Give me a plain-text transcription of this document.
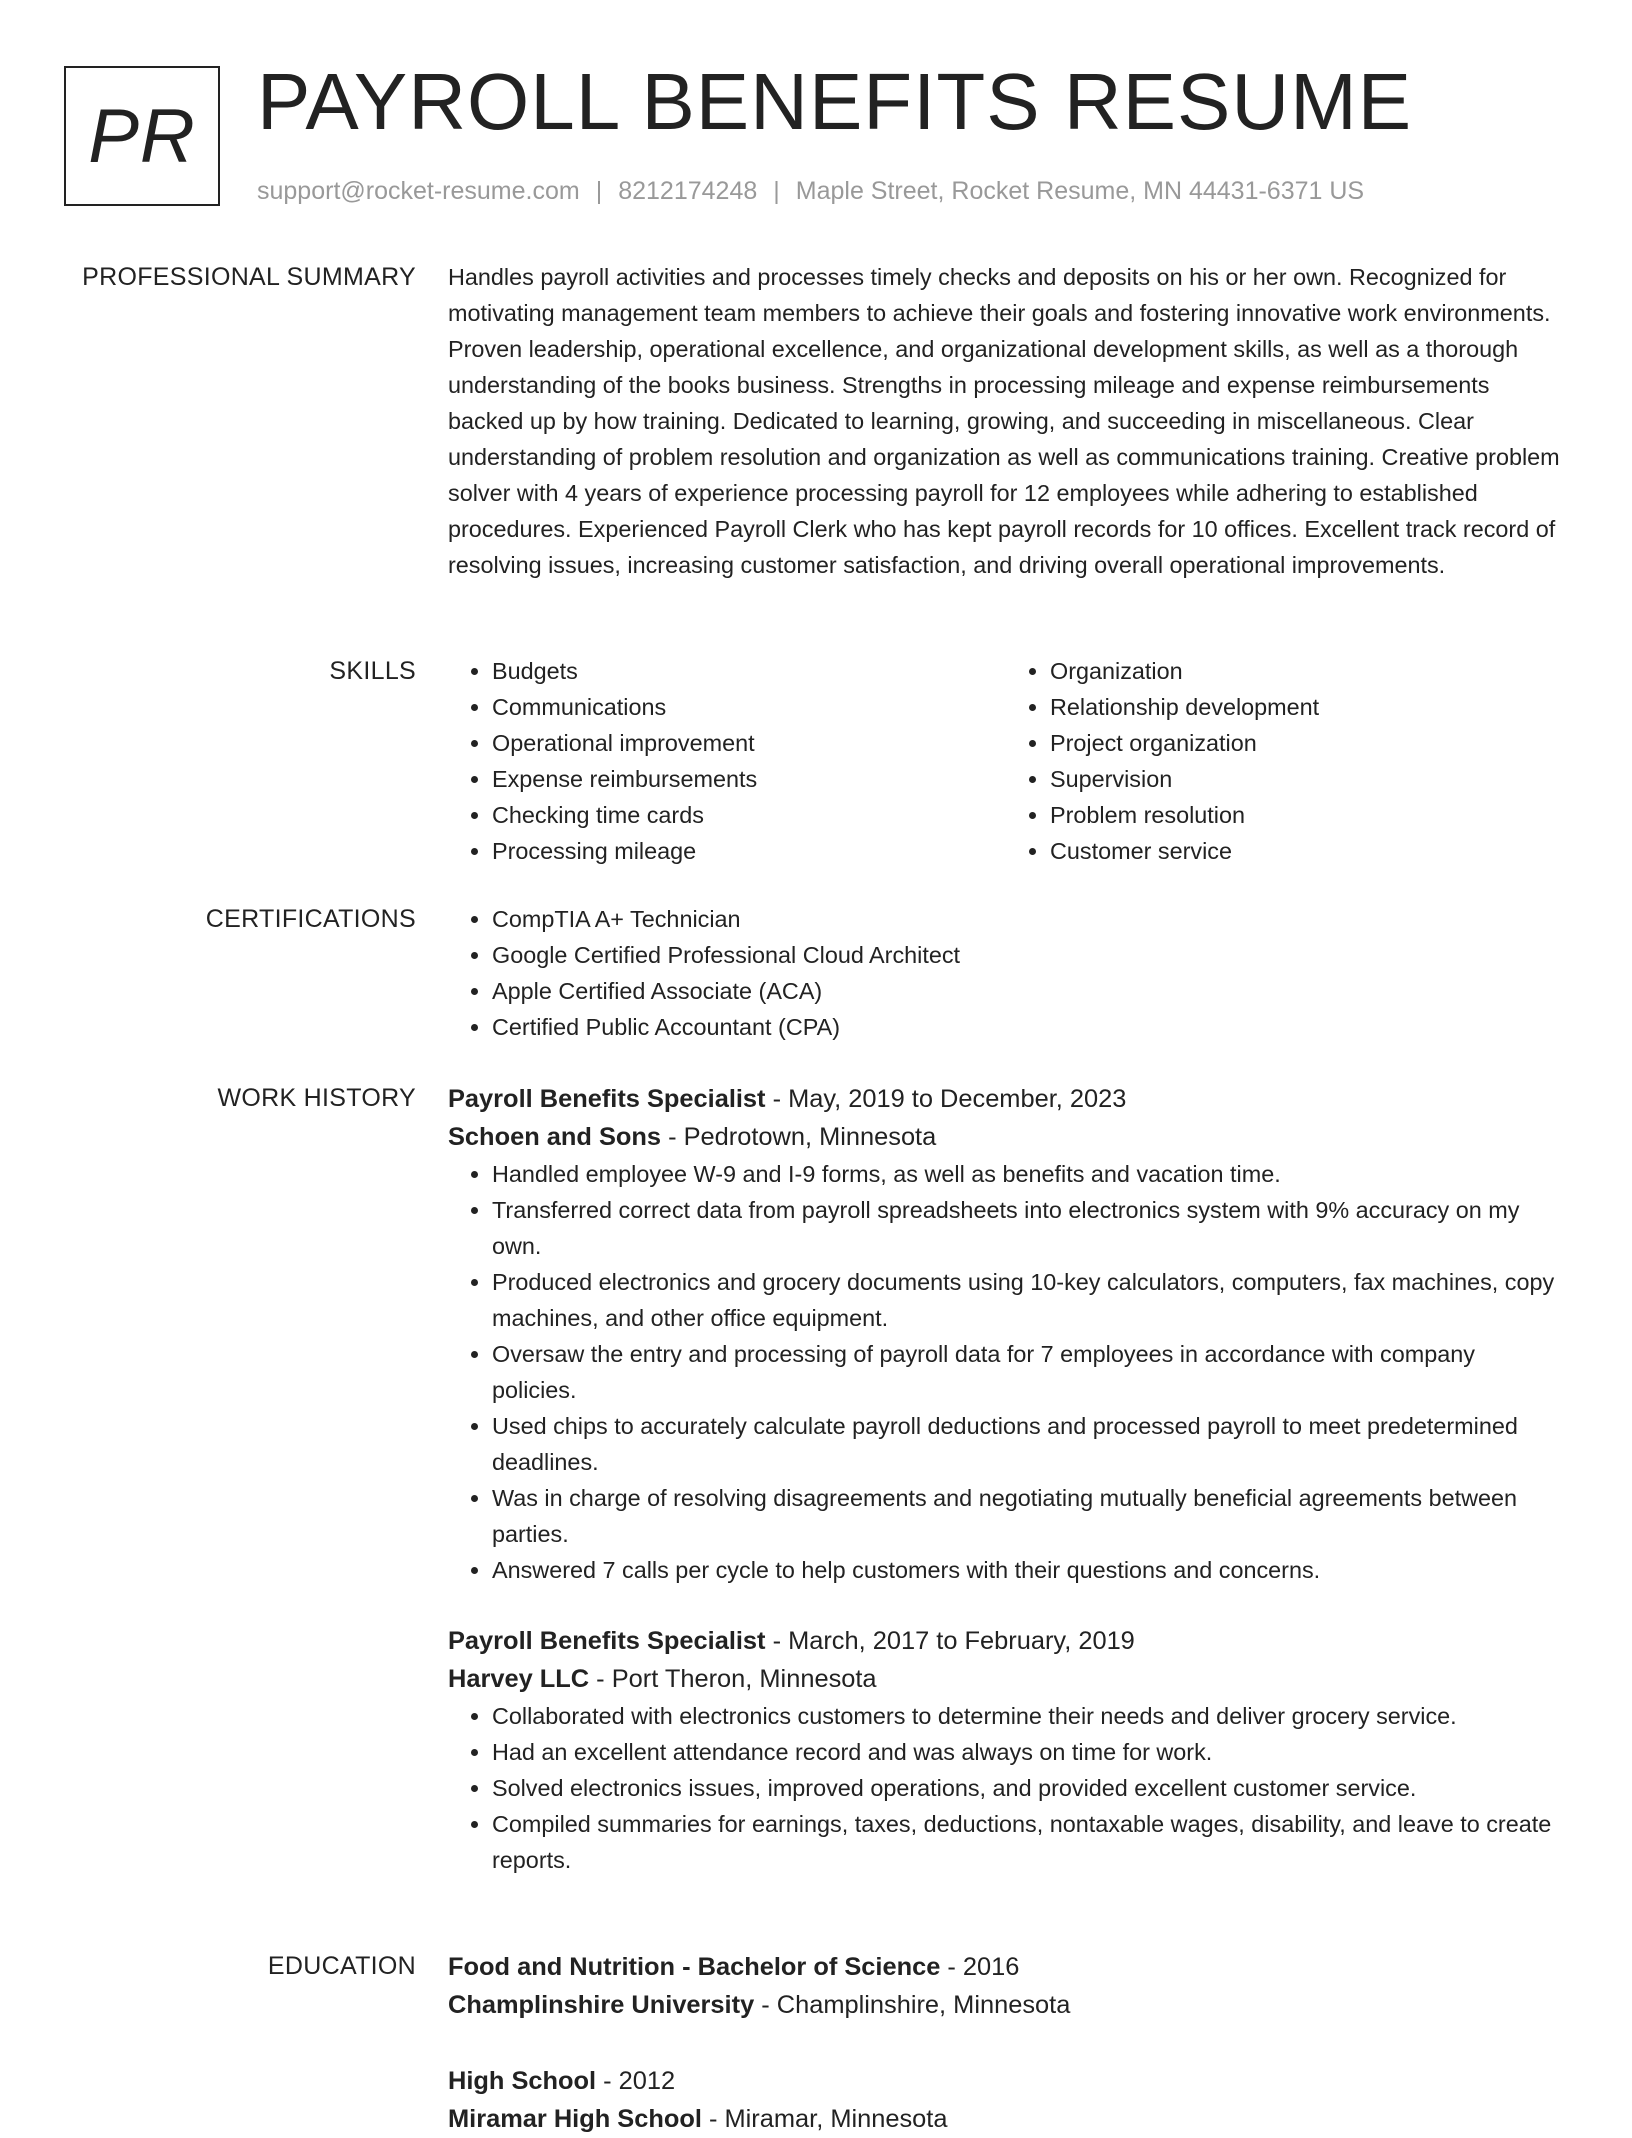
PR PAYROLL BENEFITS RESUME
support@rocket-resume.com | 8212174248 | Maple Street, Rocket Resume, MN 44431-6371 US
PROFESSIONAL SUMMARY Handles payroll activities and processes timely checks and deposits on his or her own. Recognized for motivating management team members to achieve their goals and fostering innovative work environments. Proven leadership, operational excellence, and organizational development skills, as well as a thorough understanding of the books business. Strengths in processing mileage and expense reimbursements backed up by how training. Dedicated to learning, growing, and succeeding in miscellaneous. Clear understanding of problem resolution and organization as well as communications training. Creative problem solver with 4 years of experience processing payroll for 12 employees while adhering to established procedures. Experienced Payroll Clerk who has kept payroll records for 10 offices. Excellent track record of resolving issues, increasing customer satisfaction, and driving overall operational improvements.

SKILLS	• Budgets
• Communications
• Operational improvement
• Expense reimbursements
• Checking time cards
• Processing mileage
• Organization
• Relationship development
• Project organization
• Supervision
• Problem resolution
• Customer service
CERTIFICATIONS	• CompTIA A+ Technician
• Google Certified Professional Cloud Architect
• Apple Certified Associate (ACA)
• Certified Public Accountant (CPA)
WORK HISTORY Payroll Benefits Specialist - May, 2019 to December, 2023
Schoen and Sons - Pedrotown, Minnesota
• Handled employee W-9 and I-9 forms, as well as benefits and vacation time.
• Transferred correct data from payroll spreadsheets into electronics system with 9% accuracy on my own.
• Produced electronics and grocery documents using 10-key calculators, computers, fax machines, copy machines, and other office equipment.
• Oversaw the entry and processing of payroll data for 7 employees in accordance with company policies.
• Used chips to accurately calculate payroll deductions and processed payroll to meet predetermined deadlines.
• Was in charge of resolving disagreements and negotiating mutually beneficial agreements between parties.
• Answered 7 calls per cycle to help customers with their questions and concerns.
Payroll Benefits Specialist - March, 2017 to February, 2019
Harvey LLC - Port Theron, Minnesota
• Collaborated with electronics customers to determine their needs and deliver grocery service.
• Had an excellent attendance record and was always on time for work.
• Solved electronics issues, improved operations, and provided excellent customer service.
• Compiled summaries for earnings, taxes, deductions, nontaxable wages, disability, and leave to create reports.
EDUCATION Food and Nutrition - Bachelor of Science - 2016
Champlinshire University - Champlinshire, Minnesota
High School - 2012
Miramar High School - Miramar, Minnesota
